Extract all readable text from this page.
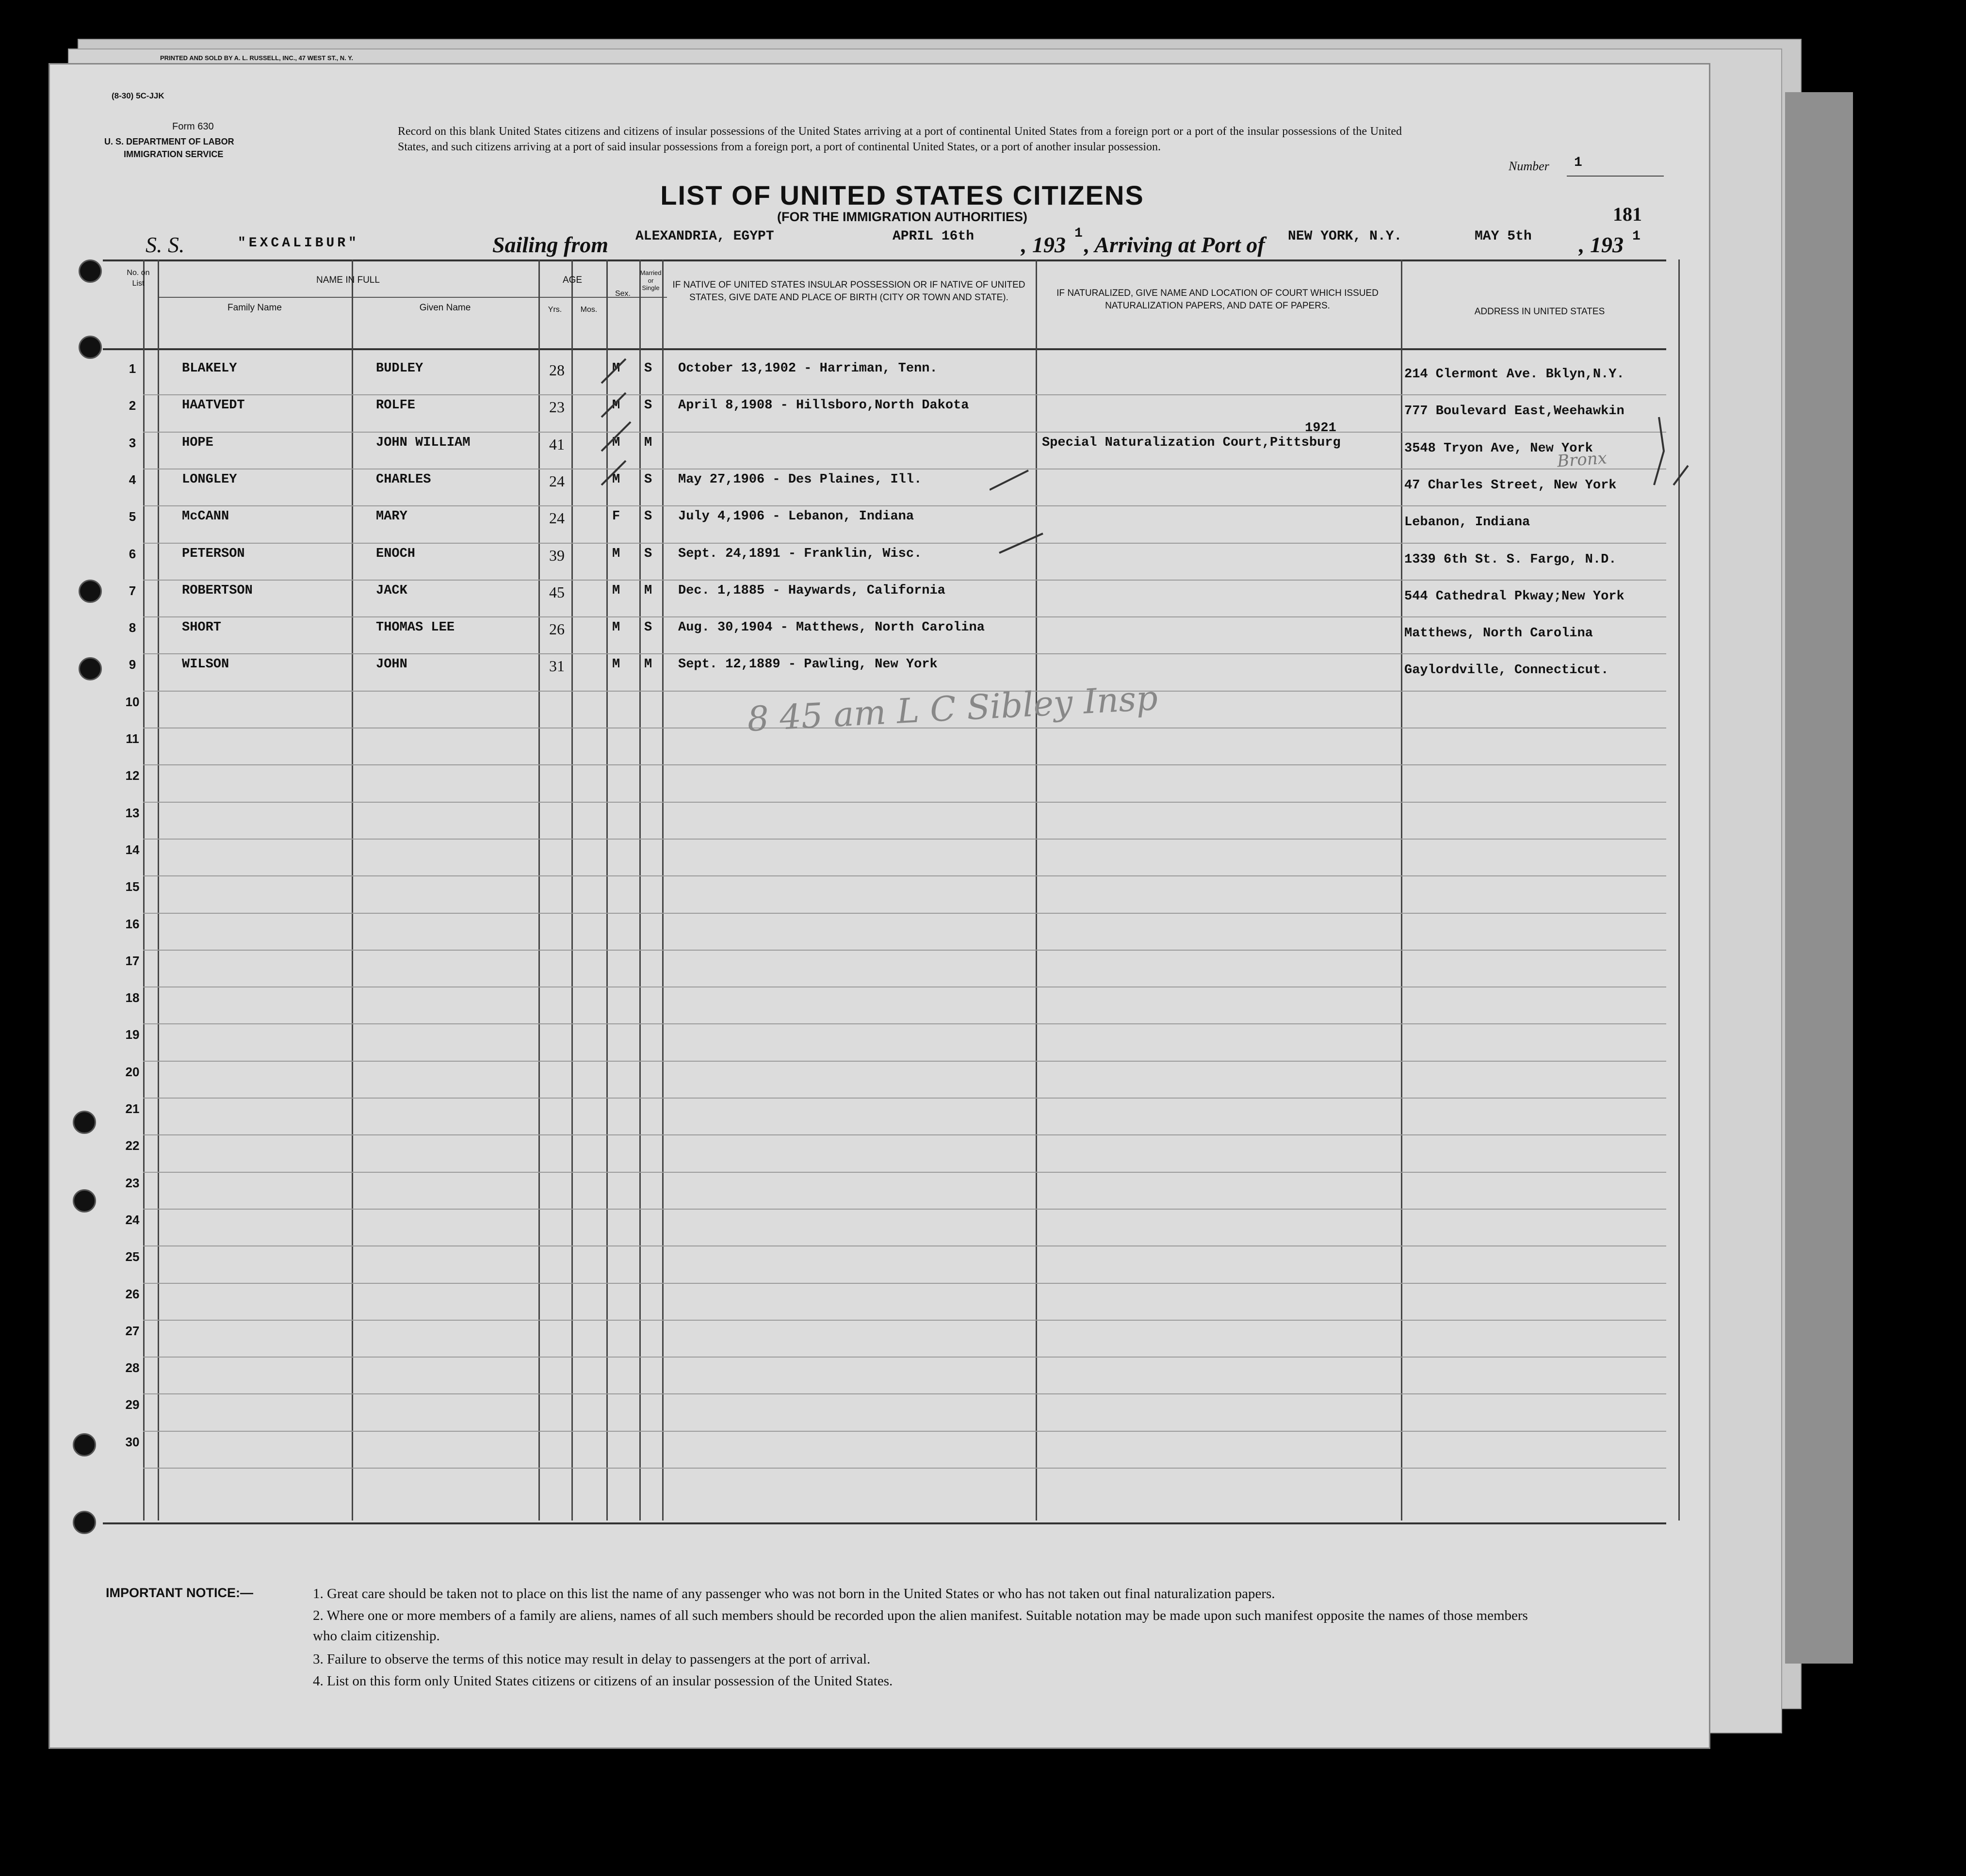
PRINTED AND SOLD BY A. L. RUSSELL, INC., 47 WEST ST., N. Y.
(8-30) 5C-JJK
Form 630
U. S. DEPARTMENT OF LABOR
IMMIGRATION SERVICE
Record on this blank United States citizens and citizens of insular possessions of the United States arriving at a port of continental United States from a foreign port or a port of the insular possessions of the United States, and such citizens arriving at a port of said insular possessions from a foreign port, a port of continental United States, or a port of another insular possession.
Number 1
181
LIST OF UNITED STATES CITIZENS
(FOR THE IMMIGRATION AUTHORITIES)
S. S.	"EXCALIBUR"	Sailing from ALEXANDRIA, EGYPT	APRIL 16th , 193 1 , Arriving at Port of NEW YORK, N.Y.	MAY 5th , 193 1
No. on List	NAME IN FULL
Family Name	Given Name
AGE
Yrs.	Mos.
Sex.
Married or Single	IF NATIVE OF UNITED STATES INSULAR POSSESSION OR IF NATIVE OF UNITED STATES, GIVE DATE AND PLACE OF BIRTH (CITY OR TOWN AND STATE).	IF NATURALIZED, GIVE NAME AND LOCATION OF COURT WHICH ISSUED NATURALIZATION PAPERS, AND DATE OF PAPERS.
ADDRESS IN UNITED STATES
1	BLAKELY	BUDLEY	28	M S October 13,1902 - Harriman, Tenn.	214 Clermont Ave. Bklyn,N.Y.
2	HAATVEDT	ROLFE	23	M S April 8,1908 - Hillsboro,North Dakota	777 Boulevard East,Weehawkin
3	HOPE	JOHN WILLIAM	41	M M	Special Naturalization Court,Pittsburg	3548 Tryon Ave, New York
1921
4	LONGLEY	CHARLES	24	M S May 27,1906 - Des Plaines, Ill.	47 Charles Street, New York
5	McCANN	MARY	24	F S July 4,1906 - Lebanon, Indiana	Lebanon, Indiana
6	PETERSON	ENOCH	39	M S Sept. 24,1891 - Franklin, Wisc.	1339 6th St. S. Fargo, N.D.
7	ROBERTSON	JACK	45	M M Dec. 1,1885 - Haywards, California	544 Cathedral Pkway;New York
8	SHORT	THOMAS LEE	26	M S Aug. 30,1904 - Matthews, North Carolina	Matthews, North Carolina
9	WILSON	JOHN	31	M M Sept. 12,1889 - Pawling, New York	Gaylordville, Connecticut.
10
11
12
13
14
15
16
17
18
19
20
21
22
23
24
25
26
27
28
29
30
Bronx
8 45 am L C Sibley Insp
IMPORTANT NOTICE:—	1. Great care should be taken not to place on this list the name of any passenger who was not born in the United States or who has not taken out final naturalization papers.
2. Where one or more members of a family are aliens, names of all such members should be recorded upon the alien manifest. Suitable notation may be made upon such manifest opposite the names of those members who claim citizenship.
3. Failure to observe the terms of this notice may result in delay to passengers at the port of arrival.
4. List on this form only United States citizens or citizens of an insular possession of the United States.
